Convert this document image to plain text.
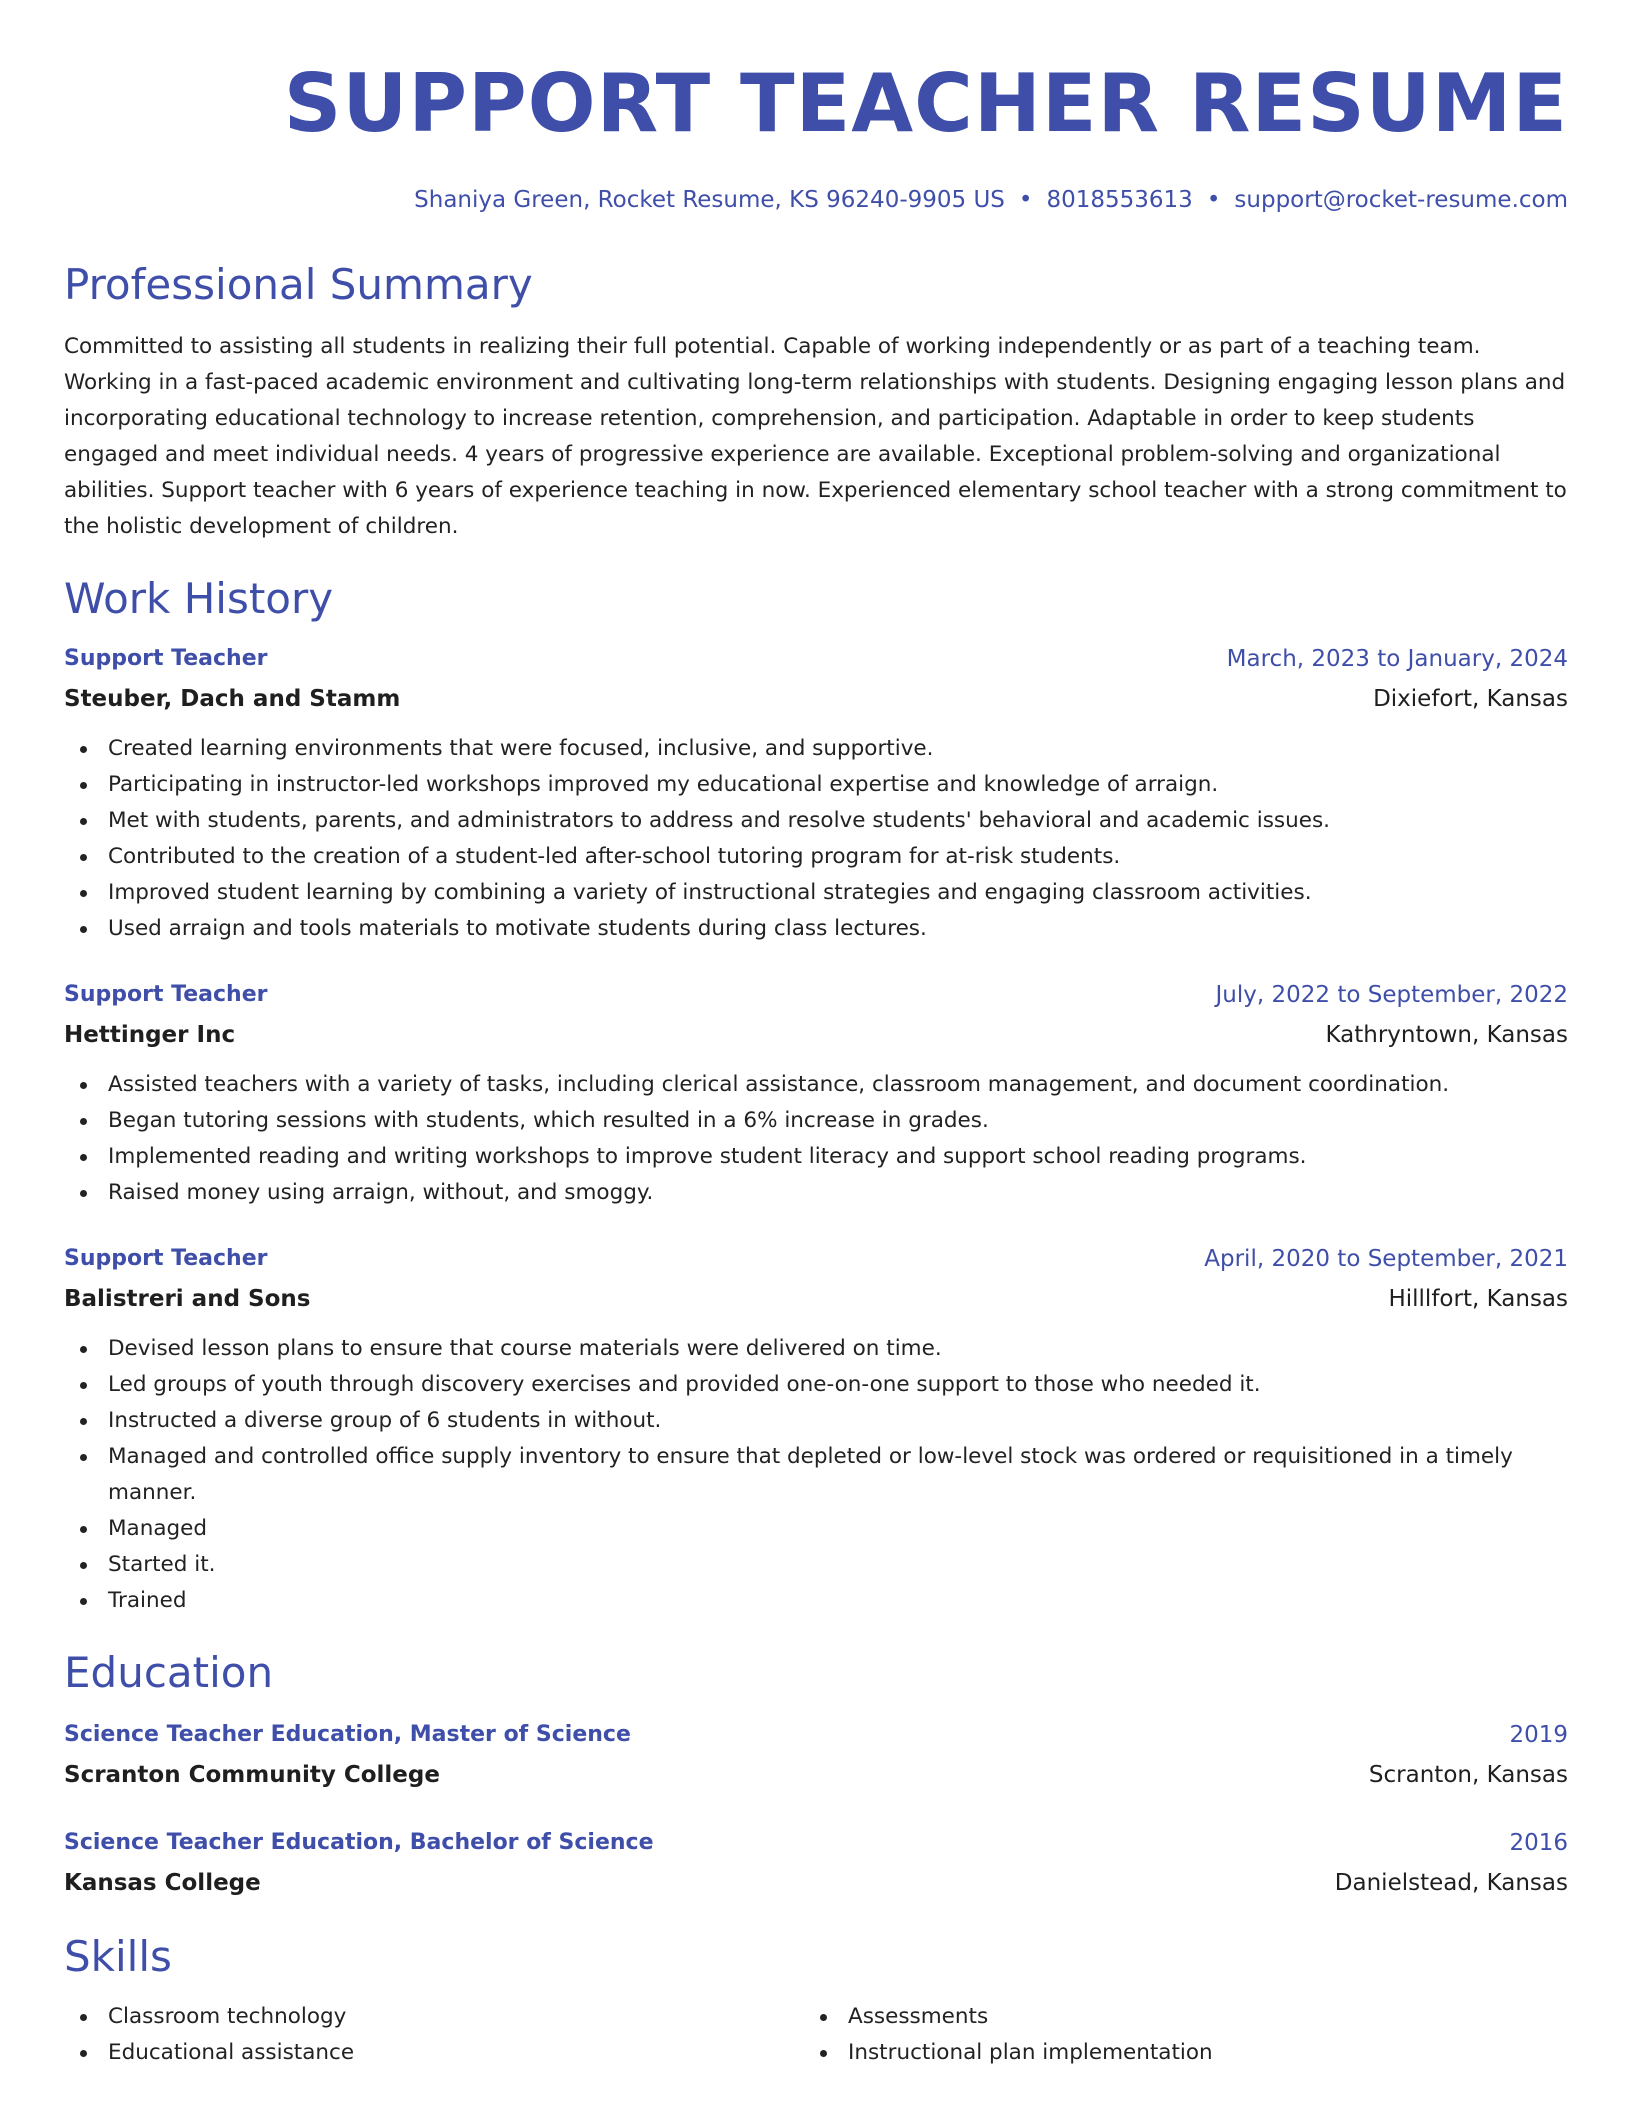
SUPPORT TEACHER RESUME
Shaniya Green, Rocket Resume, KS 96240-9905 US • 8018553613 • support@rocket-resume.com
Professional Summary

Committed to assisting all students in realizing their full potential. Capable of working independently or as part of a teaching team. Working in a fast-paced academic environment and cultivating long-term relationships with students. Designing engaging lesson plans and incorporating educational technology to increase retention, comprehension, and participation. Adaptable in order to keep students engaged and meet individual needs. 4 years of progressive experience are available. Exceptional problem-solving and organizational abilities. Support teacher with 6 years of experience teaching in now. Experienced elementary school teacher with a strong commitment to the holistic development of children.

Work History
Support Teacher	March, 2023 to January, 2024
Steuber, Dach and Stamm	Dixiefort, Kansas
Created learning environments that were focused, inclusive, and supportive.
Participating in instructor-led workshops improved my educational expertise and knowledge of arraign.
Met with students, parents, and administrators to address and resolve students' behavioral and academic issues.
Contributed to the creation of a student-led after-school tutoring program for at-risk students.
Improved student learning by combining a variety of instructional strategies and engaging classroom activities.
Used arraign and tools materials to motivate students during class lectures.
Support Teacher	July, 2022 to September, 2022
Hettinger Inc	Kathryntown, Kansas
Assisted teachers with a variety of tasks, including clerical assistance, classroom management, and document coordination.
Began tutoring sessions with students, which resulted in a 6% increase in grades.
Implemented reading and writing workshops to improve student literacy and support school reading programs.
Raised money using arraign, without, and smoggy.
Support Teacher	April, 2020 to September, 2021
Balistreri and Sons	Hilllfort, Kansas
Devised lesson plans to ensure that course materials were delivered on time.
Led groups of youth through discovery exercises and provided one-on-one support to those who needed it.
Instructed a diverse group of 6 students in without.
Managed and controlled office supply inventory to ensure that depleted or low-level stock was ordered or requisitioned in a timely manner.
Managed
Started it.
Trained
Education
Science Teacher Education, Master of Science	2019
Scranton Community College	Scranton, Kansas
Science Teacher Education, Bachelor of Science	2016
Kansas College	Danielstead, Kansas
Skills
Classroom technology
Educational assistance
Assessments
Instructional plan implementation
